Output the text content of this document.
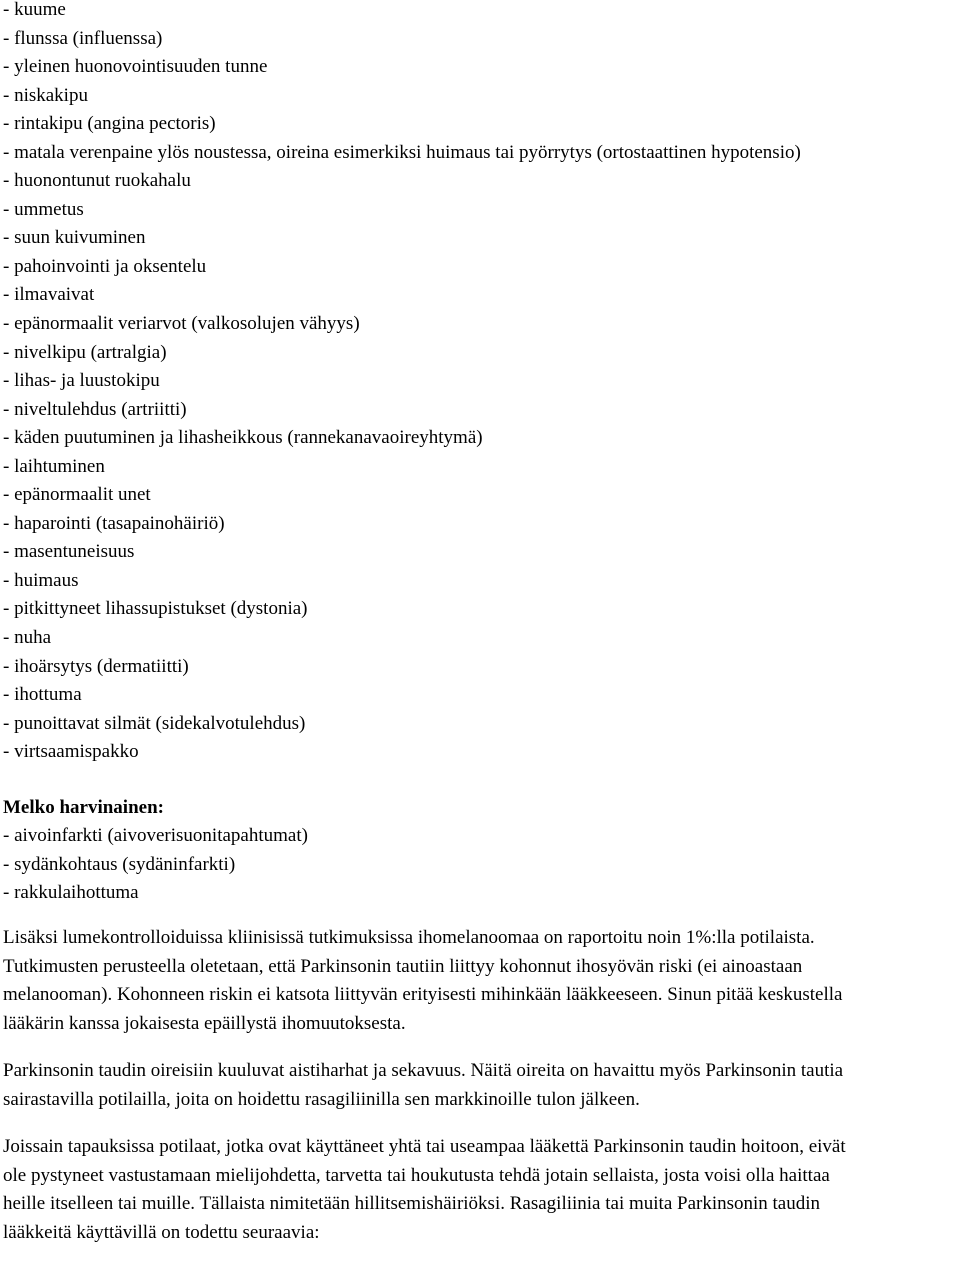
- kuume
- flunssa (influenssa)
- yleinen huonovointisuuden tunne
- niskakipu
- rintakipu (angina pectoris)
- matala verenpaine ylös noustessa, oireina esimerkiksi huimaus tai pyörrytys (ortostaattinen hypotensio)
- huonontunut ruokahalu
- ummetus
- suun kuivuminen
- pahoinvointi ja oksentelu
- ilmavaivat
- epänormaalit veriarvot (valkosolujen vähyys)
- nivelkipu (artralgia)
- lihas- ja luustokipu
- niveltulehdus (artriitti)
- käden puutuminen ja lihasheikkous (rannekanavaoireyhtymä)
- laihtuminen
- epänormaalit unet
- haparointi (tasapainohäiriö)
- masentuneisuus
- huimaus
- pitkittyneet lihassupistukset (dystonia)
- nuha
- ihoärsytys (dermatiitti)
- ihottuma
- punoittavat silmät (sidekalvotulehdus)
- virtsaamispakko
Melko harvinainen:
- aivoinfarkti (aivoverisuonitapahtumat)
- sydänkohtaus (sydäninfarkti)
- rakkulaihottuma
Lisäksi lumekontrolloiduissa kliinisissä tutkimuksissa ihomelanoomaa on raportoitu noin 1%:lla potilaista.
Tutkimusten perusteella oletetaan, että Parkinsonin tautiin liittyy kohonnut ihosyövän riski (ei ainoastaan
melanooman). Kohonneen riskin ei katsota liittyvän erityisesti mihinkään lääkkeeseen. Sinun pitää keskustella
lääkärin kanssa jokaisesta epäillystä ihomuutoksesta.
Parkinsonin taudin oireisiin kuuluvat aistiharhat ja sekavuus. Näitä oireita on havaittu myös Parkinsonin tautia
sairastavilla potilailla, joita on hoidettu rasagiliinilla sen markkinoille tulon jälkeen.
Joissain tapauksissa potilaat, jotka ovat käyttäneet yhtä tai useampaa lääkettä Parkinsonin taudin hoitoon, eivät
ole pystyneet vastustamaan mielijohdetta, tarvetta tai houkutusta tehdä jotain sellaista, josta voisi olla haittaa
heille itselleen tai muille. Tällaista nimitetään hillitsemishäiriöksi. Rasagiliinia tai muita Parkinsonin taudin
lääkkeitä käyttävillä on todettu seuraavia:
